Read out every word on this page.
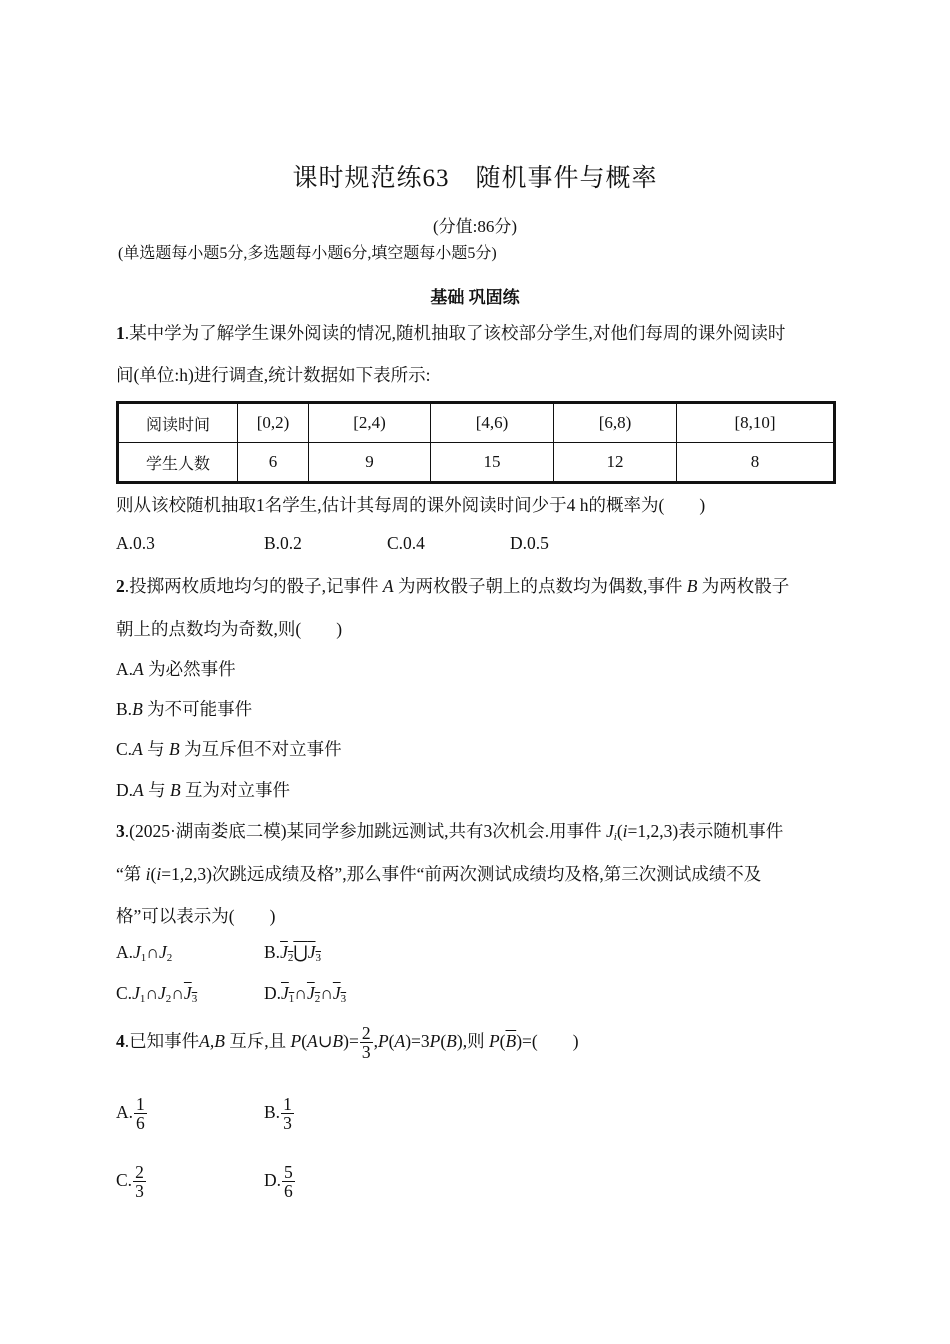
课时规范练63　随机事件与概率
(分值:86分)
(单选题每小题5分,多选题每小题6分,填空题每小题5分)
基础 巩固练
1.某中学为了解学生课外阅读的情况,随机抽取了该校部分学生,对他们每周的课外阅读时
间(单位:h)进行调查,统计数据如下表所示:
阅读时间	[0,2)	[2,4)	[4,6)	[6,8)	[8,10]
学生人数	6	9	15	12	8
则从该校随机抽取1名学生,估计其每周的课外阅读时间少于4 h的概率为(　　)
A.0.3	B.0.2	C.0.4	D.0.5
2.投掷两枚质地均匀的骰子,记事件 A 为两枚骰子朝上的点数均为偶数,事件 B 为两枚骰子
朝上的点数均为奇数,则(　　)
A.A 为必然事件
B.B 为不可能事件
C.A 与 B 为互斥但不对立事件
D.A 与 B 互为对立事件
3.(2025·湖南娄底二模)某同学参加跳远测试,共有3次机会.用事件 $J_i(i=1,2,3)$表示随机事件
“第 i(i=1,2,3)次跳远成绩及格”,那么事件“前两次测试成绩均及格,第三次测试成绩不及
格”可以表示为(　　)
$A.J_1\cap J_2$	$B.J_2⋃J_3$
$C.J_1\cap J_2\cap J_3$	$D.J_1\cap J_2\cap J_3$
4.已知事件A,B 互斥,且 P(A∪B)= $\frac{2}{3} ,P(A)=3P(B)$,则 $P(\overline{B})=$(　　)
A. $\frac{1}{6}$	B. $\frac{1}{3}$
C. $\frac{2}{3}$	D. $\frac{5}{6}$
